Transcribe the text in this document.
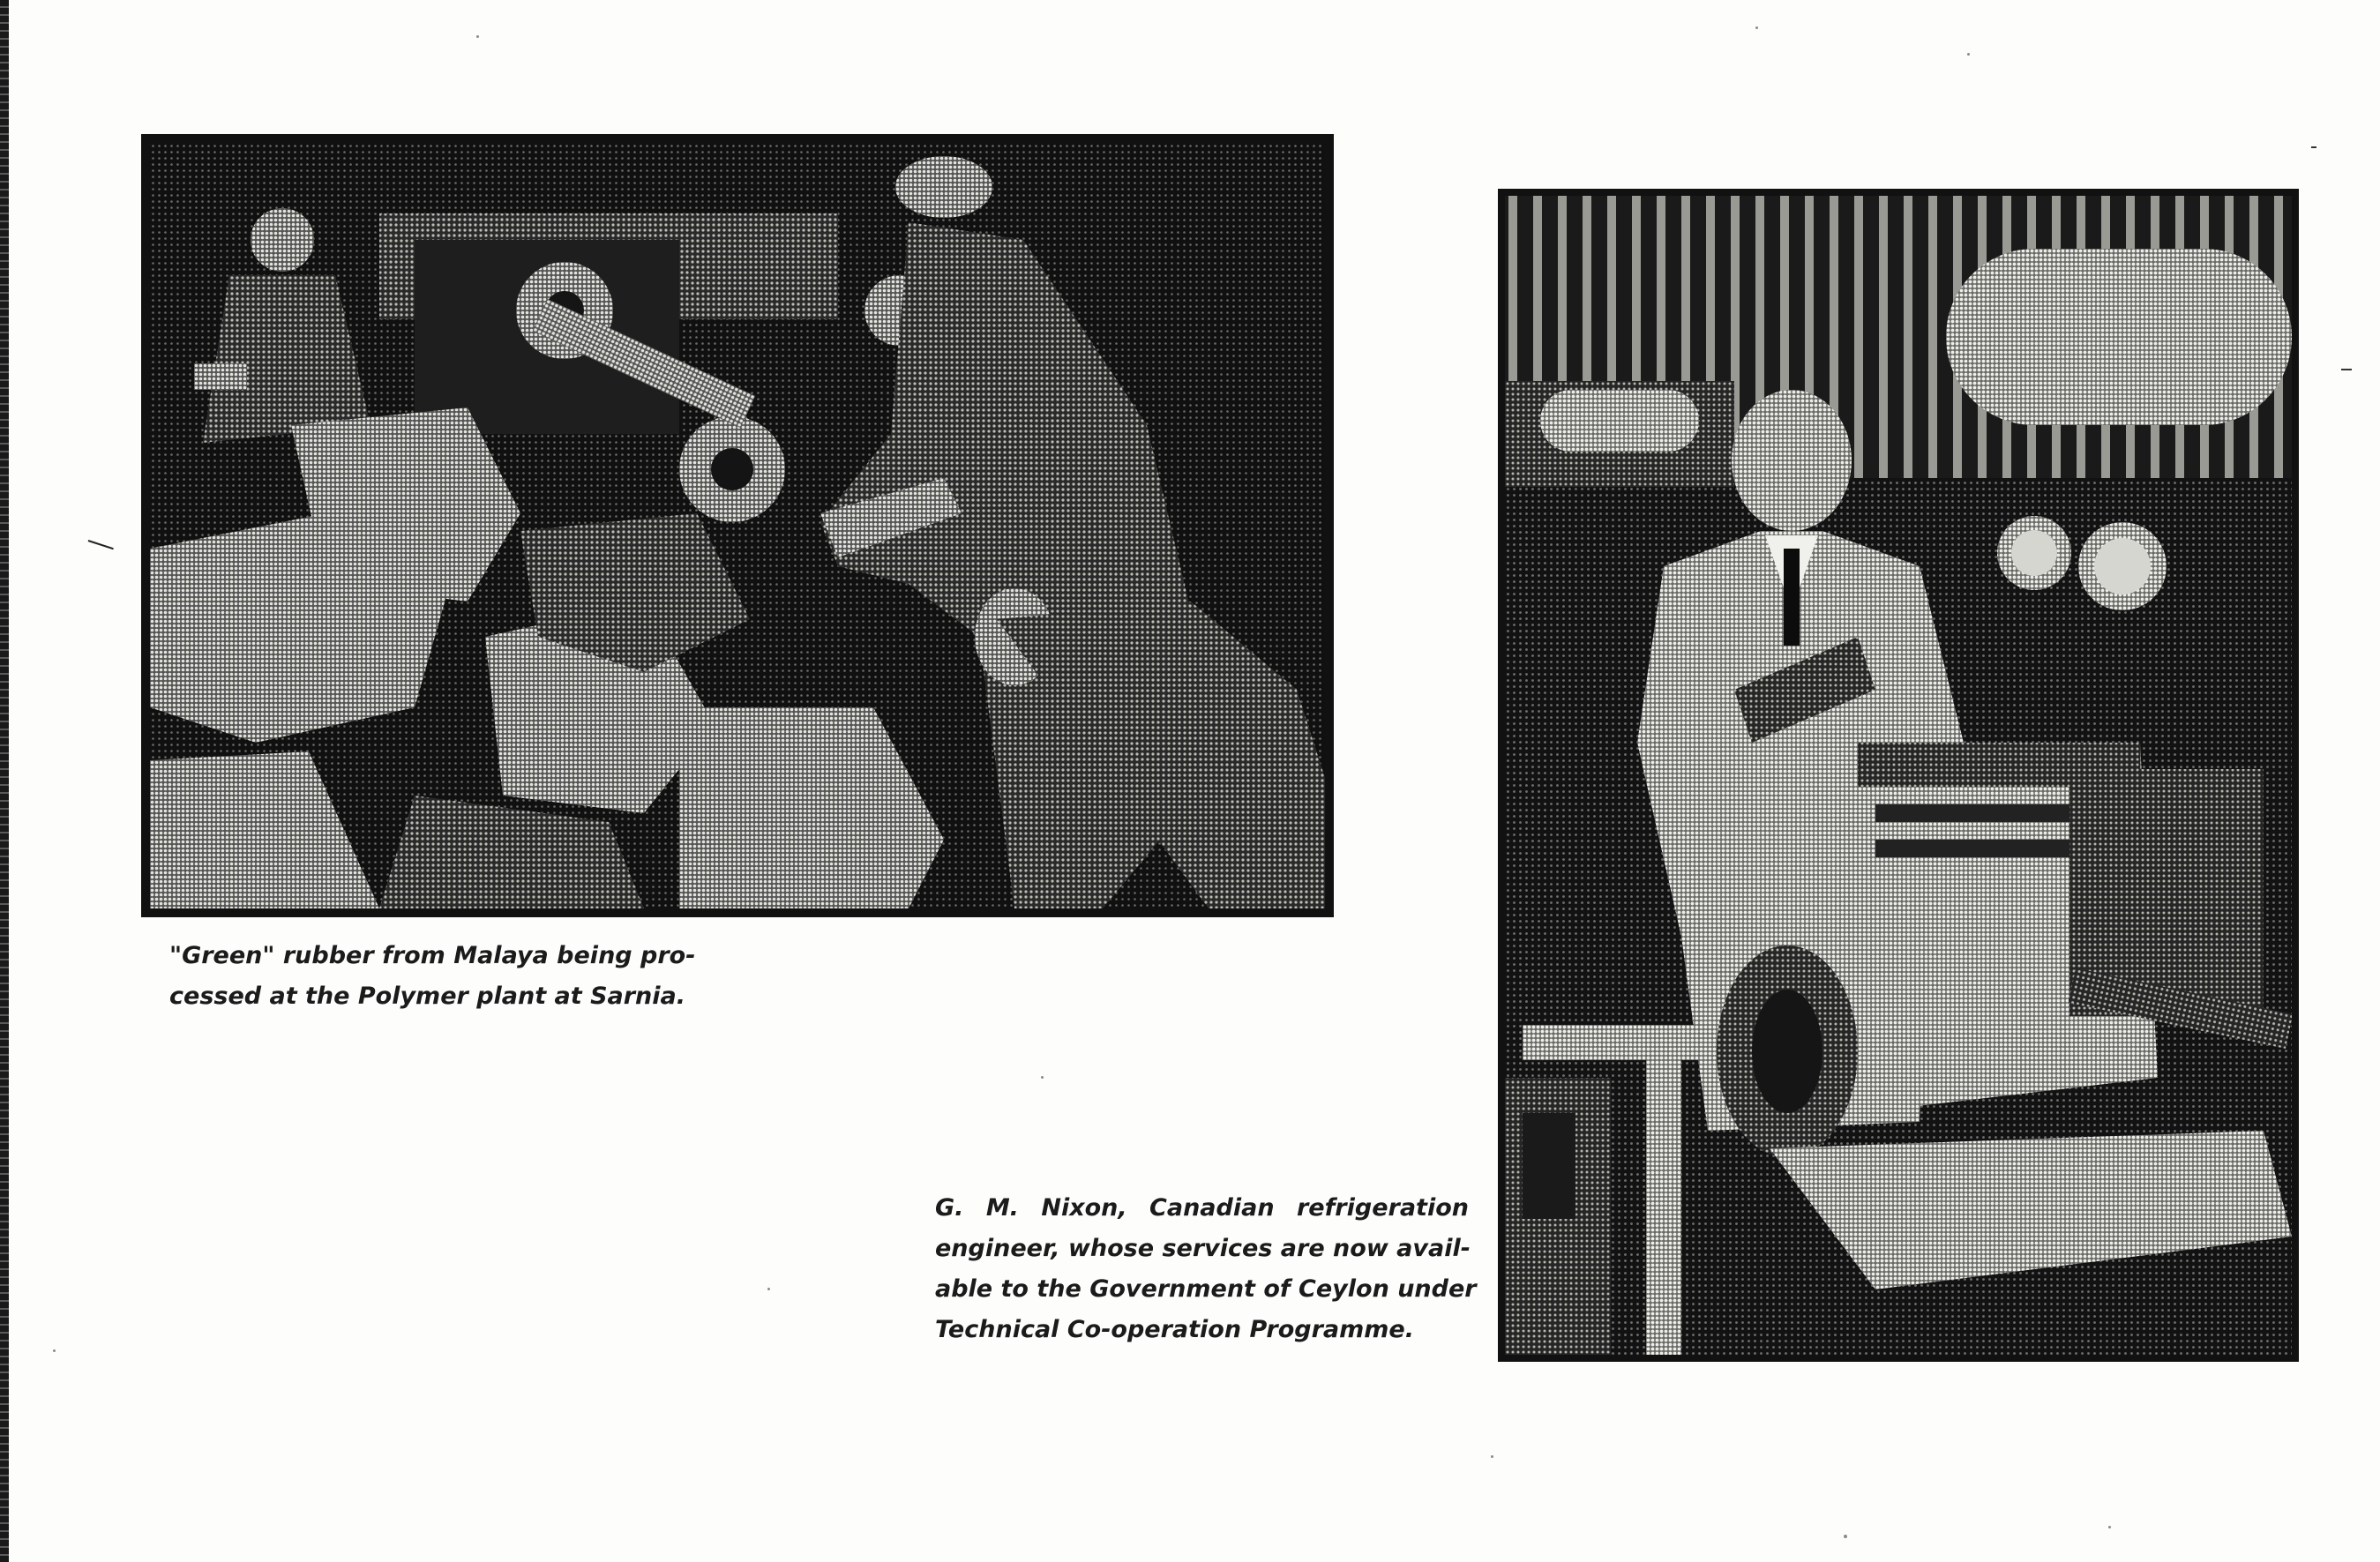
"Green" rubber from Malaya being pro-
cessed at the Polymer plant at Sarnia.

G. M. Nixon, Canadian refrigeration
engineer, whose services are now avail-
able to the Government of Ceylon under
Technical Co-operation Programme.
